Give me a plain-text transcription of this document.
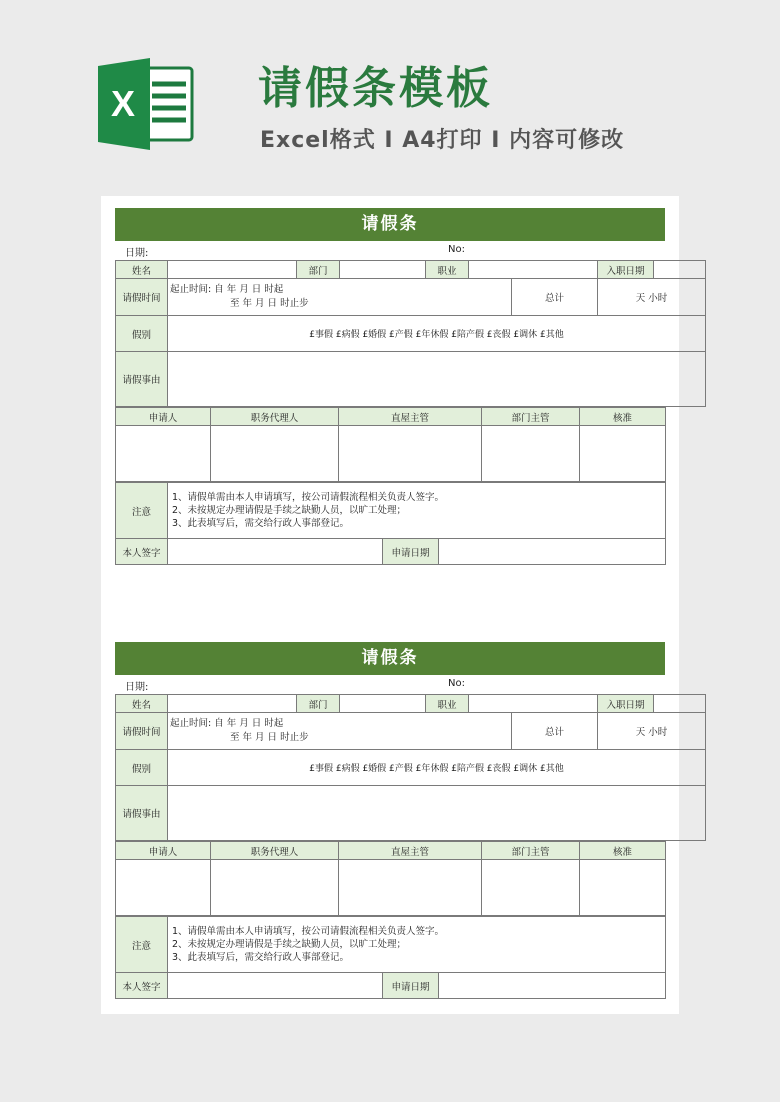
X	请假条模板
Excel格式 I A4打印 I 内容可修改
请假条
日期:	No:
姓名		部门		职业			入职日期	
请假时间	起止时间: 自 年 月 日 时起
至 年 月 日 时止步					总计	天 小时	
假别	£事假 £病假 £婚假 £产假 £年休假 £陪产假 £丧假 £调休 £其他							
请假事由								
申请人	职务代理人	直屋主管	部门主管	核准

注意	1、请假单需由本人申请填写，按公司请假流程相关负责人签字。
2、未按规定办理请假是手续之缺勤人员，以旷工处理；
3、此表填写后，需交给行政人事部登记。		

本人签字		申请日期	
请假条
日期:	No:
姓名		部门		职业			入职日期	
请假时间	起止时间: 自 年 月 日 时起
至 年 月 日 时止步					总计	天 小时	
假别	£事假 £病假 £婚假 £产假 £年休假 £陪产假 £丧假 £调休 £其他							
请假事由								
申请人	职务代理人	直屋主管	部门主管	核准

注意	1、请假单需由本人申请填写，按公司请假流程相关负责人签字。
2、未按规定办理请假是手续之缺勤人员，以旷工处理；
3、此表填写后，需交给行政人事部登记。		

本人签字		申请日期	
